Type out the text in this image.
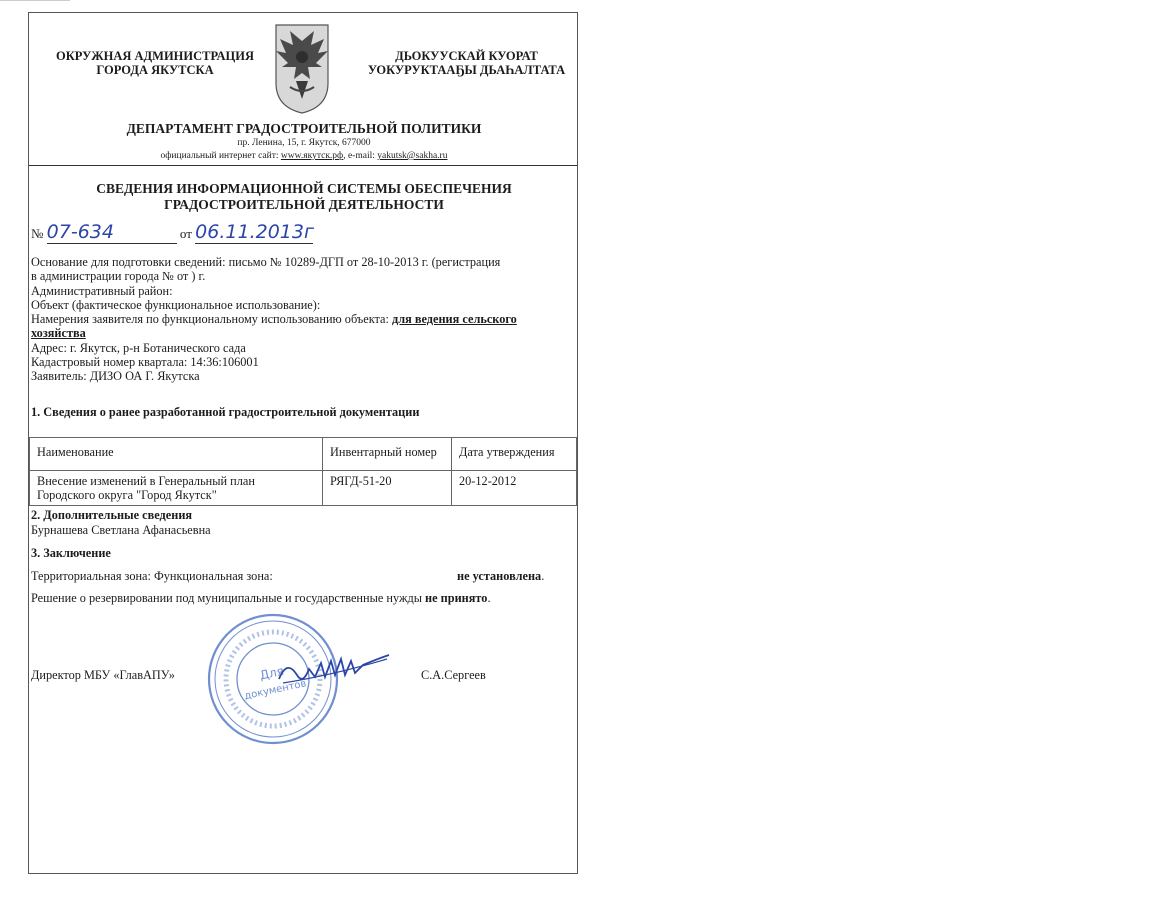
ОКРУЖНАЯ АДМИНИСТРАЦИЯ
ГОРОДА ЯКУТСКА
ДЬОКУУСКАЙ КУОРАТ
УОКУРУКТААҔЫ ДЬАҺАЛТАТА
ДЕПАРТАМЕНТ ГРАДОСТРОИТЕЛЬНОЙ ПОЛИТИКИ
пр. Ленина, 15, г. Якутск, 677000
официальный интернет сайт: www.якутск.рф, e-mail: yakutsk@sakha.ru
СВЕДЕНИЯ ИНФОРМАЦИОННОЙ СИСТЕМЫ ОБЕСПЕЧЕНИЯ
ГРАДОСТРОИТЕЛЬНОЙ ДЕЯТЕЛЬНОСТИ
№ 07-634	от 06.11.2013г
Основание для подготовки сведений: письмо № 10289-ДГП от 28-10-2013 г. (регистрация
в администрации города № от ) г.
Административный район:
Объект (фактическое функциональное использование):
Намерения заявителя по функциональному использованию объекта: для ведения сельского
хозяйства
Адрес: г. Якутск, р-н Ботанического сада
Кадастровый номер квартала: 14:36:106001
Заявитель: ДИЗО ОА Г. Якутска
1. Сведения о ранее разработанной градостроительной документации
Наименование	Инвентарный номер	Дата утверждения

Внесение изменений в Генеральный план
Городского округа "Город Якутск"	РЯГД-51-20	20-12-2012
2. Дополнительные сведения
Бурнашева Светлана Афанасьевна
3. Заключение
Территориальная зона: Функциональная зона:	не установлена.
Решение о резервировании под муниципальные и государственные нужды не принято.
Директор МБУ «ГлавАПУ»	С.А.Сергеев
Для
документов
